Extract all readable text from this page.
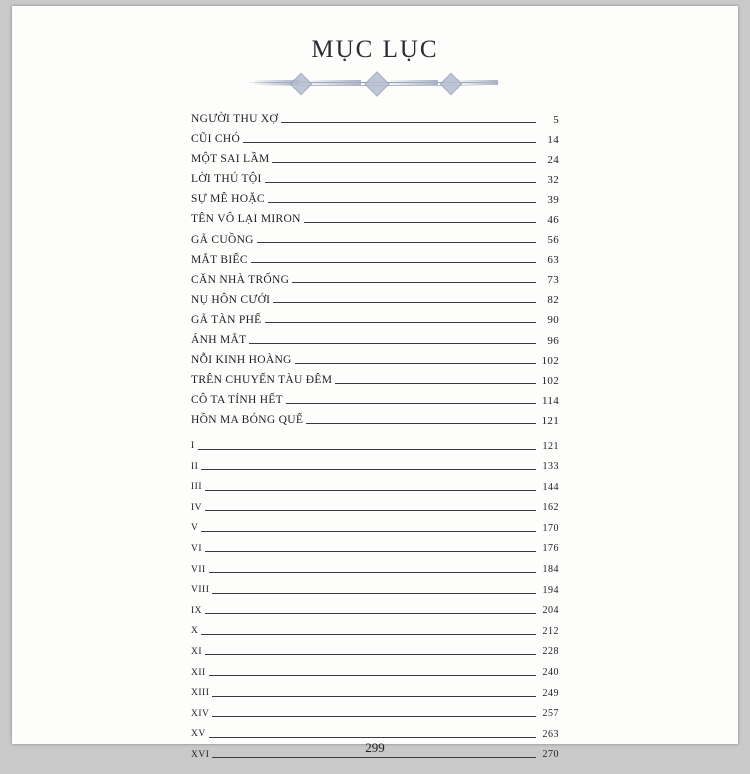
MỤC LỤC
NGƯỜI THU XỢ	5
CŨI CHÓ	14
MỘT SAI LẦM	24
LỜI THÚ TỘI	32
SỰ MÊ HOẶC	39
TÊN VÔ LẠI MIRON	46
GÃ CUỒNG	56
MẮT BIẾC	63
CĂN NHÀ TRỐNG	73
NỤ HÔN CƯỚI	82
GÃ TÀN PHẾ	90
ÁNH MẮT	96
NỖI KINH HOÀNG	102
TRÊN CHUYẾN TÀU ĐÊM	102
CÔ TA TÍNH HẾT	114
HỒN MA BÓNG QUẾ	121
I	121
II	133
III	144
IV	162
V	170
VI	176
VII	184
VIII	194
IX	204
X	212
XI	228
XII	240
XIII	249
XIV	257
XV	263
XVI	270
299
